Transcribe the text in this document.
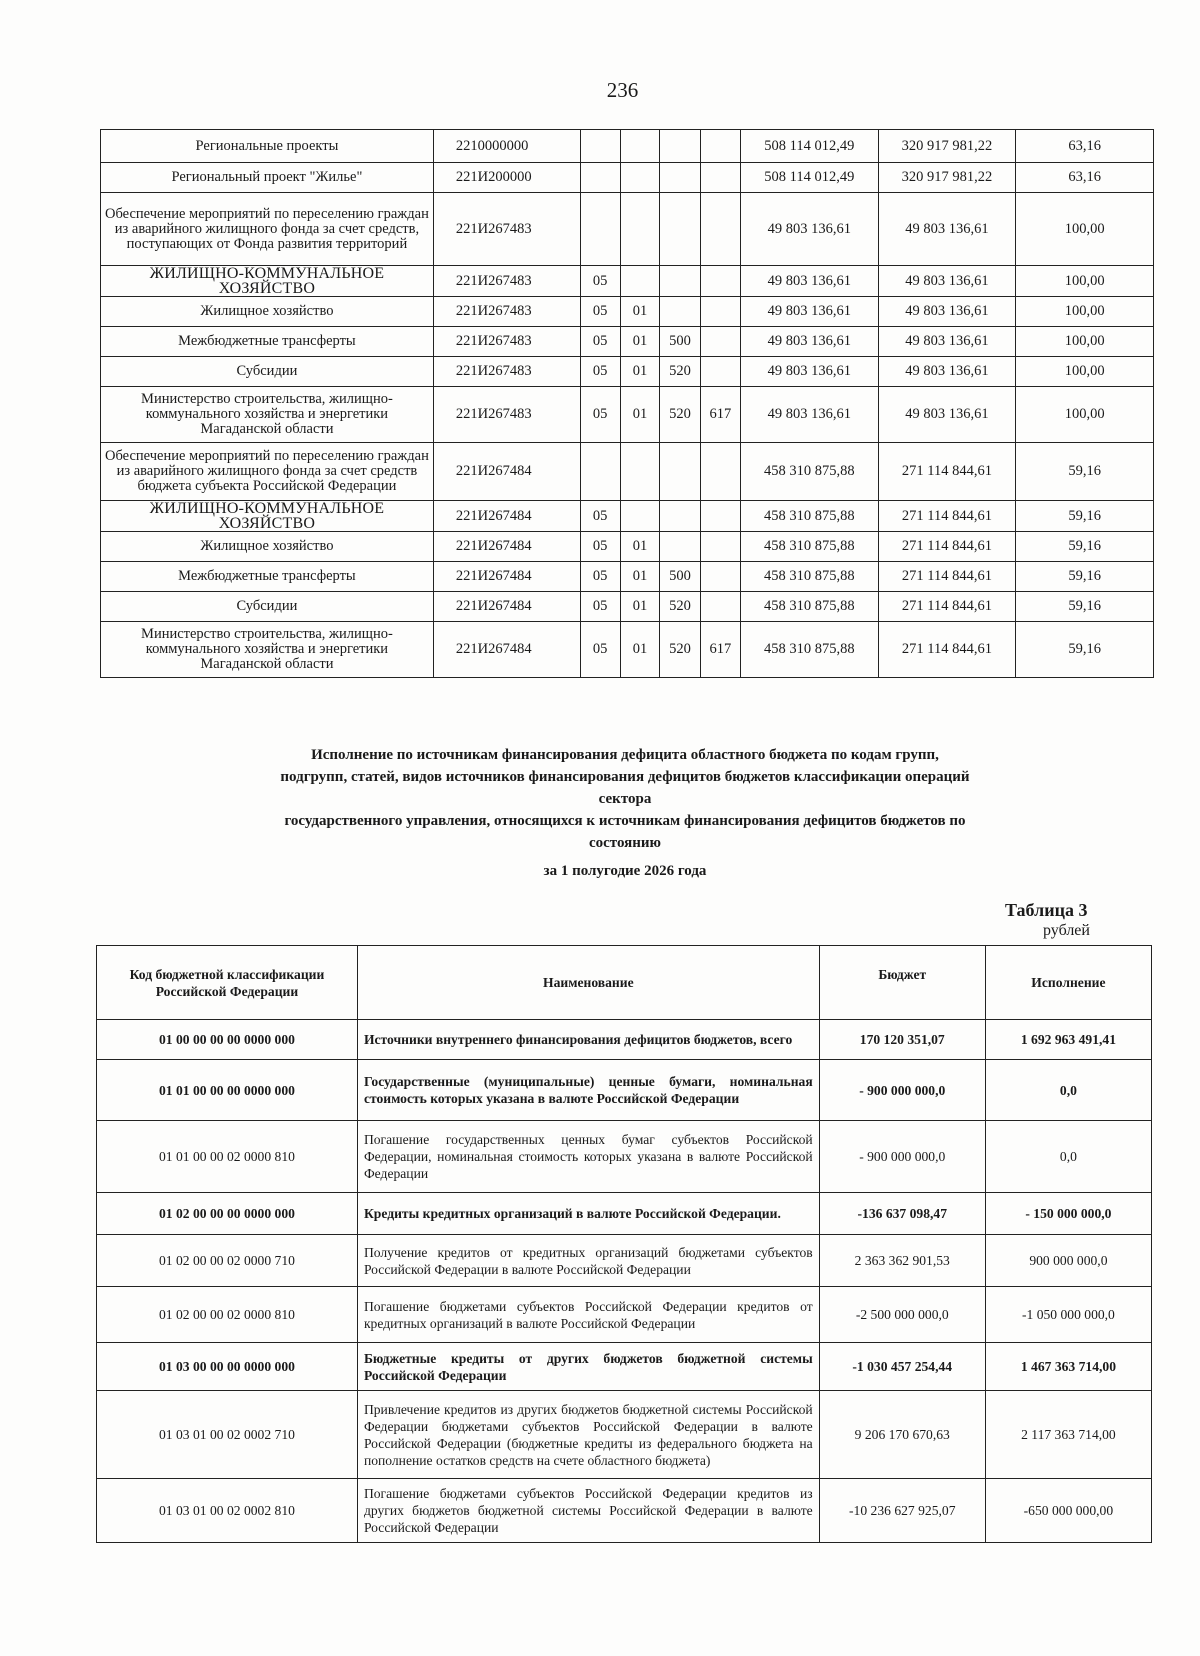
236
Региональные проекты	2210000000					508 114 012,49	320 917 981,22	63,16
Региональный проект "Жилье"	221И200000					508 114 012,49	320 917 981,22	63,16
Обеспечение мероприятий по переселению граждан из аварийного жилищного фонда за счет средств, поступающих от Фонда развития территорий	221И267483					49 803 136,61	49 803 136,61	100,00
ЖИЛИЩНО-КОММУНАЛЬНОЕ ХОЗЯЙСТВО	221И267483	05				49 803 136,61	49 803 136,61	100,00
Жилищное хозяйство	221И267483	05	01			49 803 136,61	49 803 136,61	100,00
Межбюджетные трансферты	221И267483	05	01	500		49 803 136,61	49 803 136,61	100,00
Субсидии	221И267483	05	01	520		49 803 136,61	49 803 136,61	100,00
Министерство строительства, жилищно-коммунального хозяйства и энергетики Магаданской области	221И267483	05	01	520	617	49 803 136,61	49 803 136,61	100,00
Обеспечение мероприятий по переселению граждан из аварийного жилищного фонда за счет средств бюджета субъекта Российской Федерации	221И267484					458 310 875,88	271 114 844,61	59,16
ЖИЛИЩНО-КОММУНАЛЬНОЕ ХОЗЯЙСТВО	221И267484	05				458 310 875,88	271 114 844,61	59,16
Жилищное хозяйство	221И267484	05	01			458 310 875,88	271 114 844,61	59,16
Межбюджетные трансферты	221И267484	05	01	500		458 310 875,88	271 114 844,61	59,16
Субсидии	221И267484	05	01	520		458 310 875,88	271 114 844,61	59,16
Министерство строительства, жилищно-коммунального хозяйства и энергетики Магаданской области	221И267484	05	01	520	617	458 310 875,88	271 114 844,61	59,16
Исполнение по источникам финансирования дефицита областного бюджета по кодам групп,
подгрупп, статей, видов источников финансирования дефицитов бюджетов классификации операций
сектора
государственного управления, относящихся к источникам финансирования дефицитов бюджетов по
состоянию
за 1 полугодие 2026 года
Таблица 3
рублей
Код бюджетной классификации Российской Федерации	Наименование	Бюджет	Исполнение
01 00 00 00 00 0000 000	Источники внутреннего финансирования дефицитов бюджетов, всего	170 120 351,07	1 692 963 491,41
01 01 00 00 00 0000 000	Государственные (муниципальные) ценные бумаги, номинальная стоимость которых указана в валюте Российской Федерации	- 900 000 000,0	0,0
01 01 00 00 02 0000 810	Погашение государственных ценных бумаг субъектов Российской Федерации, номинальная стоимость которых указана в валюте Российской Федерации	- 900 000 000,0	0,0
01 02 00 00 00 0000 000	Кредиты кредитных организаций в валюте Российской Федерации.	-136 637 098,47	- 150 000 000,0
01 02 00 00 02 0000 710	Получение кредитов от кредитных организаций бюджетами субъектов Российской Федерации в валюте Российской Федерации	2 363 362 901,53	900 000 000,0
01 02 00 00 02 0000 810	Погашение бюджетами субъектов Российской Федерации кредитов от кредитных организаций в валюте Российской Федерации	-2 500 000 000,0	-1 050 000 000,0
01 03 00 00 00 0000 000	Бюджетные кредиты от других бюджетов бюджетной системы Российской Федерации	-1 030 457 254,44	1 467 363 714,00
01 03 01 00 02 0002 710	Привлечение кредитов из других бюджетов бюджетной системы Российской Федерации бюджетами субъектов Российской Федерации в валюте Российской Федерации (бюджетные кредиты из федерального бюджета на пополнение остатков средств на счете областного бюджета)	9 206 170 670,63	2 117 363 714,00
01 03 01 00 02 0002 810	Погашение бюджетами субъектов Российской Федерации кредитов из других бюджетов бюджетной системы Российской Федерации в валюте Российской Федерации	-10 236 627 925,07	-650 000 000,00
